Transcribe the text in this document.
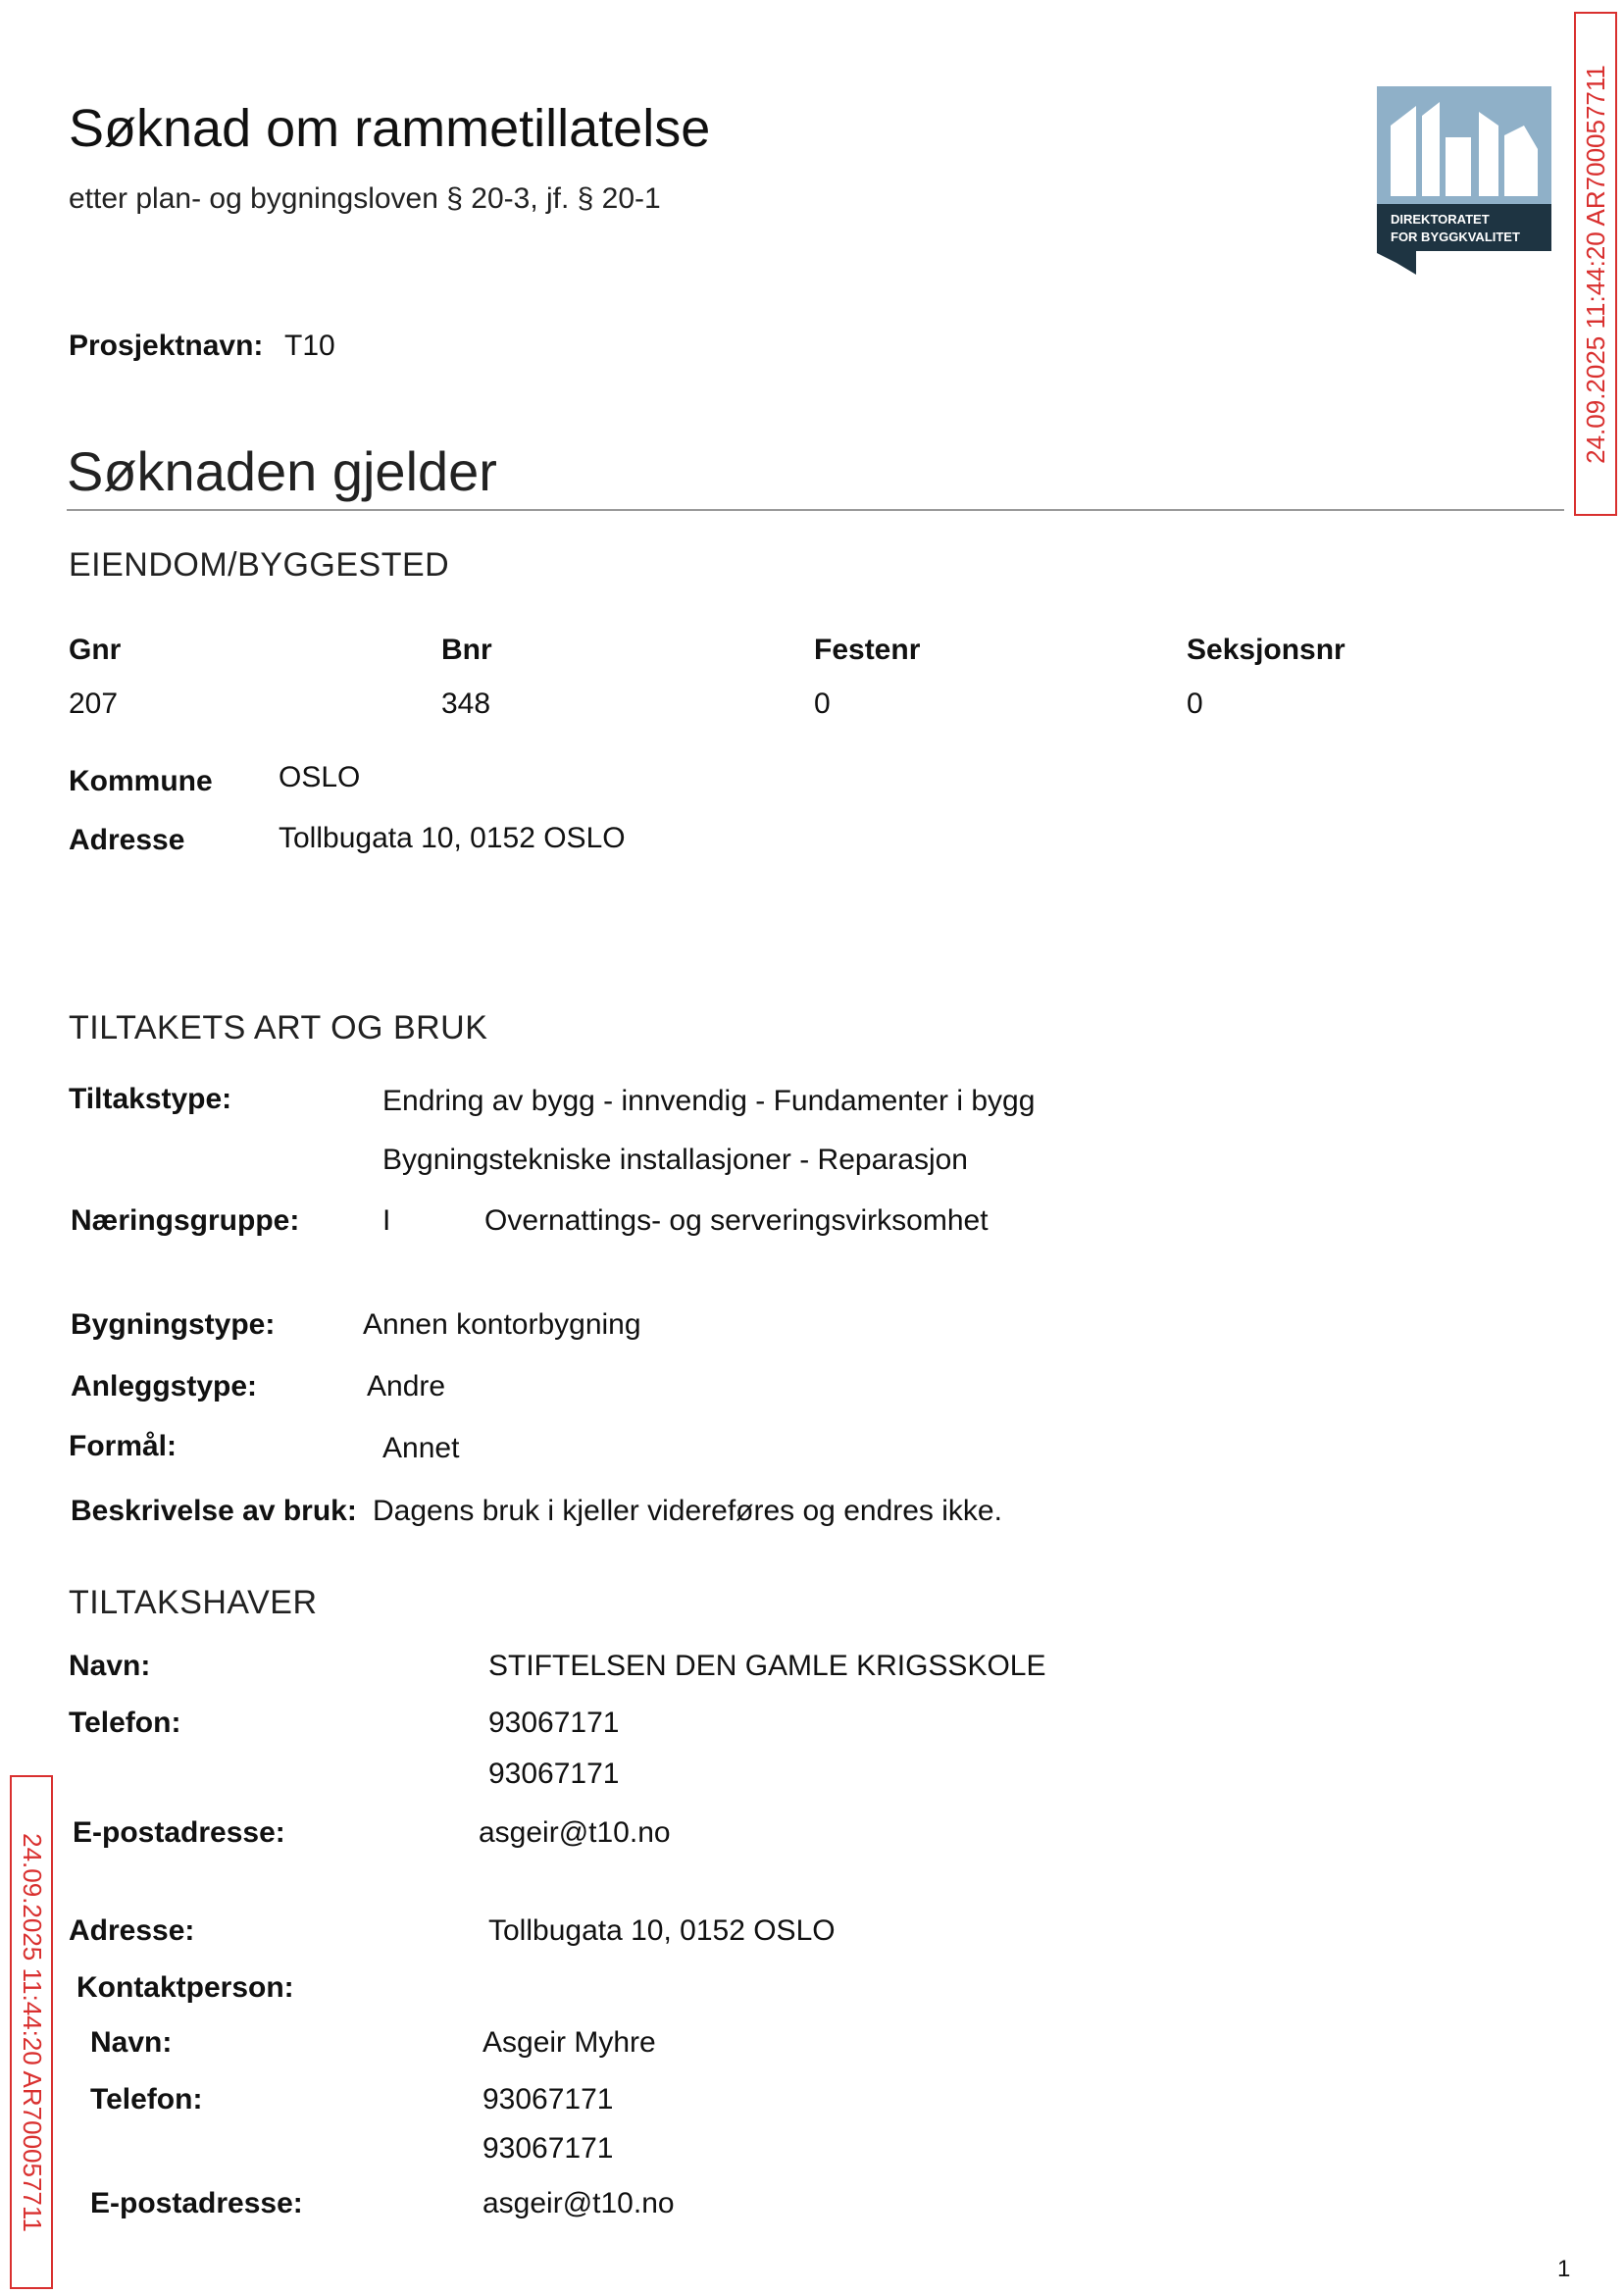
Søknad om rammetillatelse
etter plan- og bygningsloven § 20-3, jf. § 20-1
DIREKTORATET
FOR BYGGKVALITET
Prosjektnavn: T10
Søknaden gjelder
EIENDOM/BYGGESTED
Gnr	Bnr	Festenr	Seksjonsnr
207	348	0	0
Kommune OSLO
Adresse	Tollbugata 10, 0152 OSLO
TILTAKETS ART OG BRUK
Tiltakstype:	Endring av bygg - innvendig - Fundamenter i bygg
Bygningstekniske installasjoner - Reparasjon
Næringsgruppe:	I	Overnattings- og serveringsvirksomhet
Bygningstype:	Annen kontorbygning
Anleggstype:	Andre
Formål:	Annet
Beskrivelse av bruk: Dagens bruk i kjeller videreføres og endres ikke.
TILTAKSHAVER
Navn:	STIFTELSEN DEN GAMLE KRIGSSKOLE
Telefon:	93067171
93067171
E-postadresse:	asgeir@t10.no
Adresse:	Tollbugata 10, 0152 OSLO
Kontaktperson:
Navn:	Asgeir Myhre
Telefon:	93067171
93067171
E-postadresse:	asgeir@t10.no
24.09.2025 11:44:20 AR700057711
24.09.2025 11:44:20 AR700057711
1
